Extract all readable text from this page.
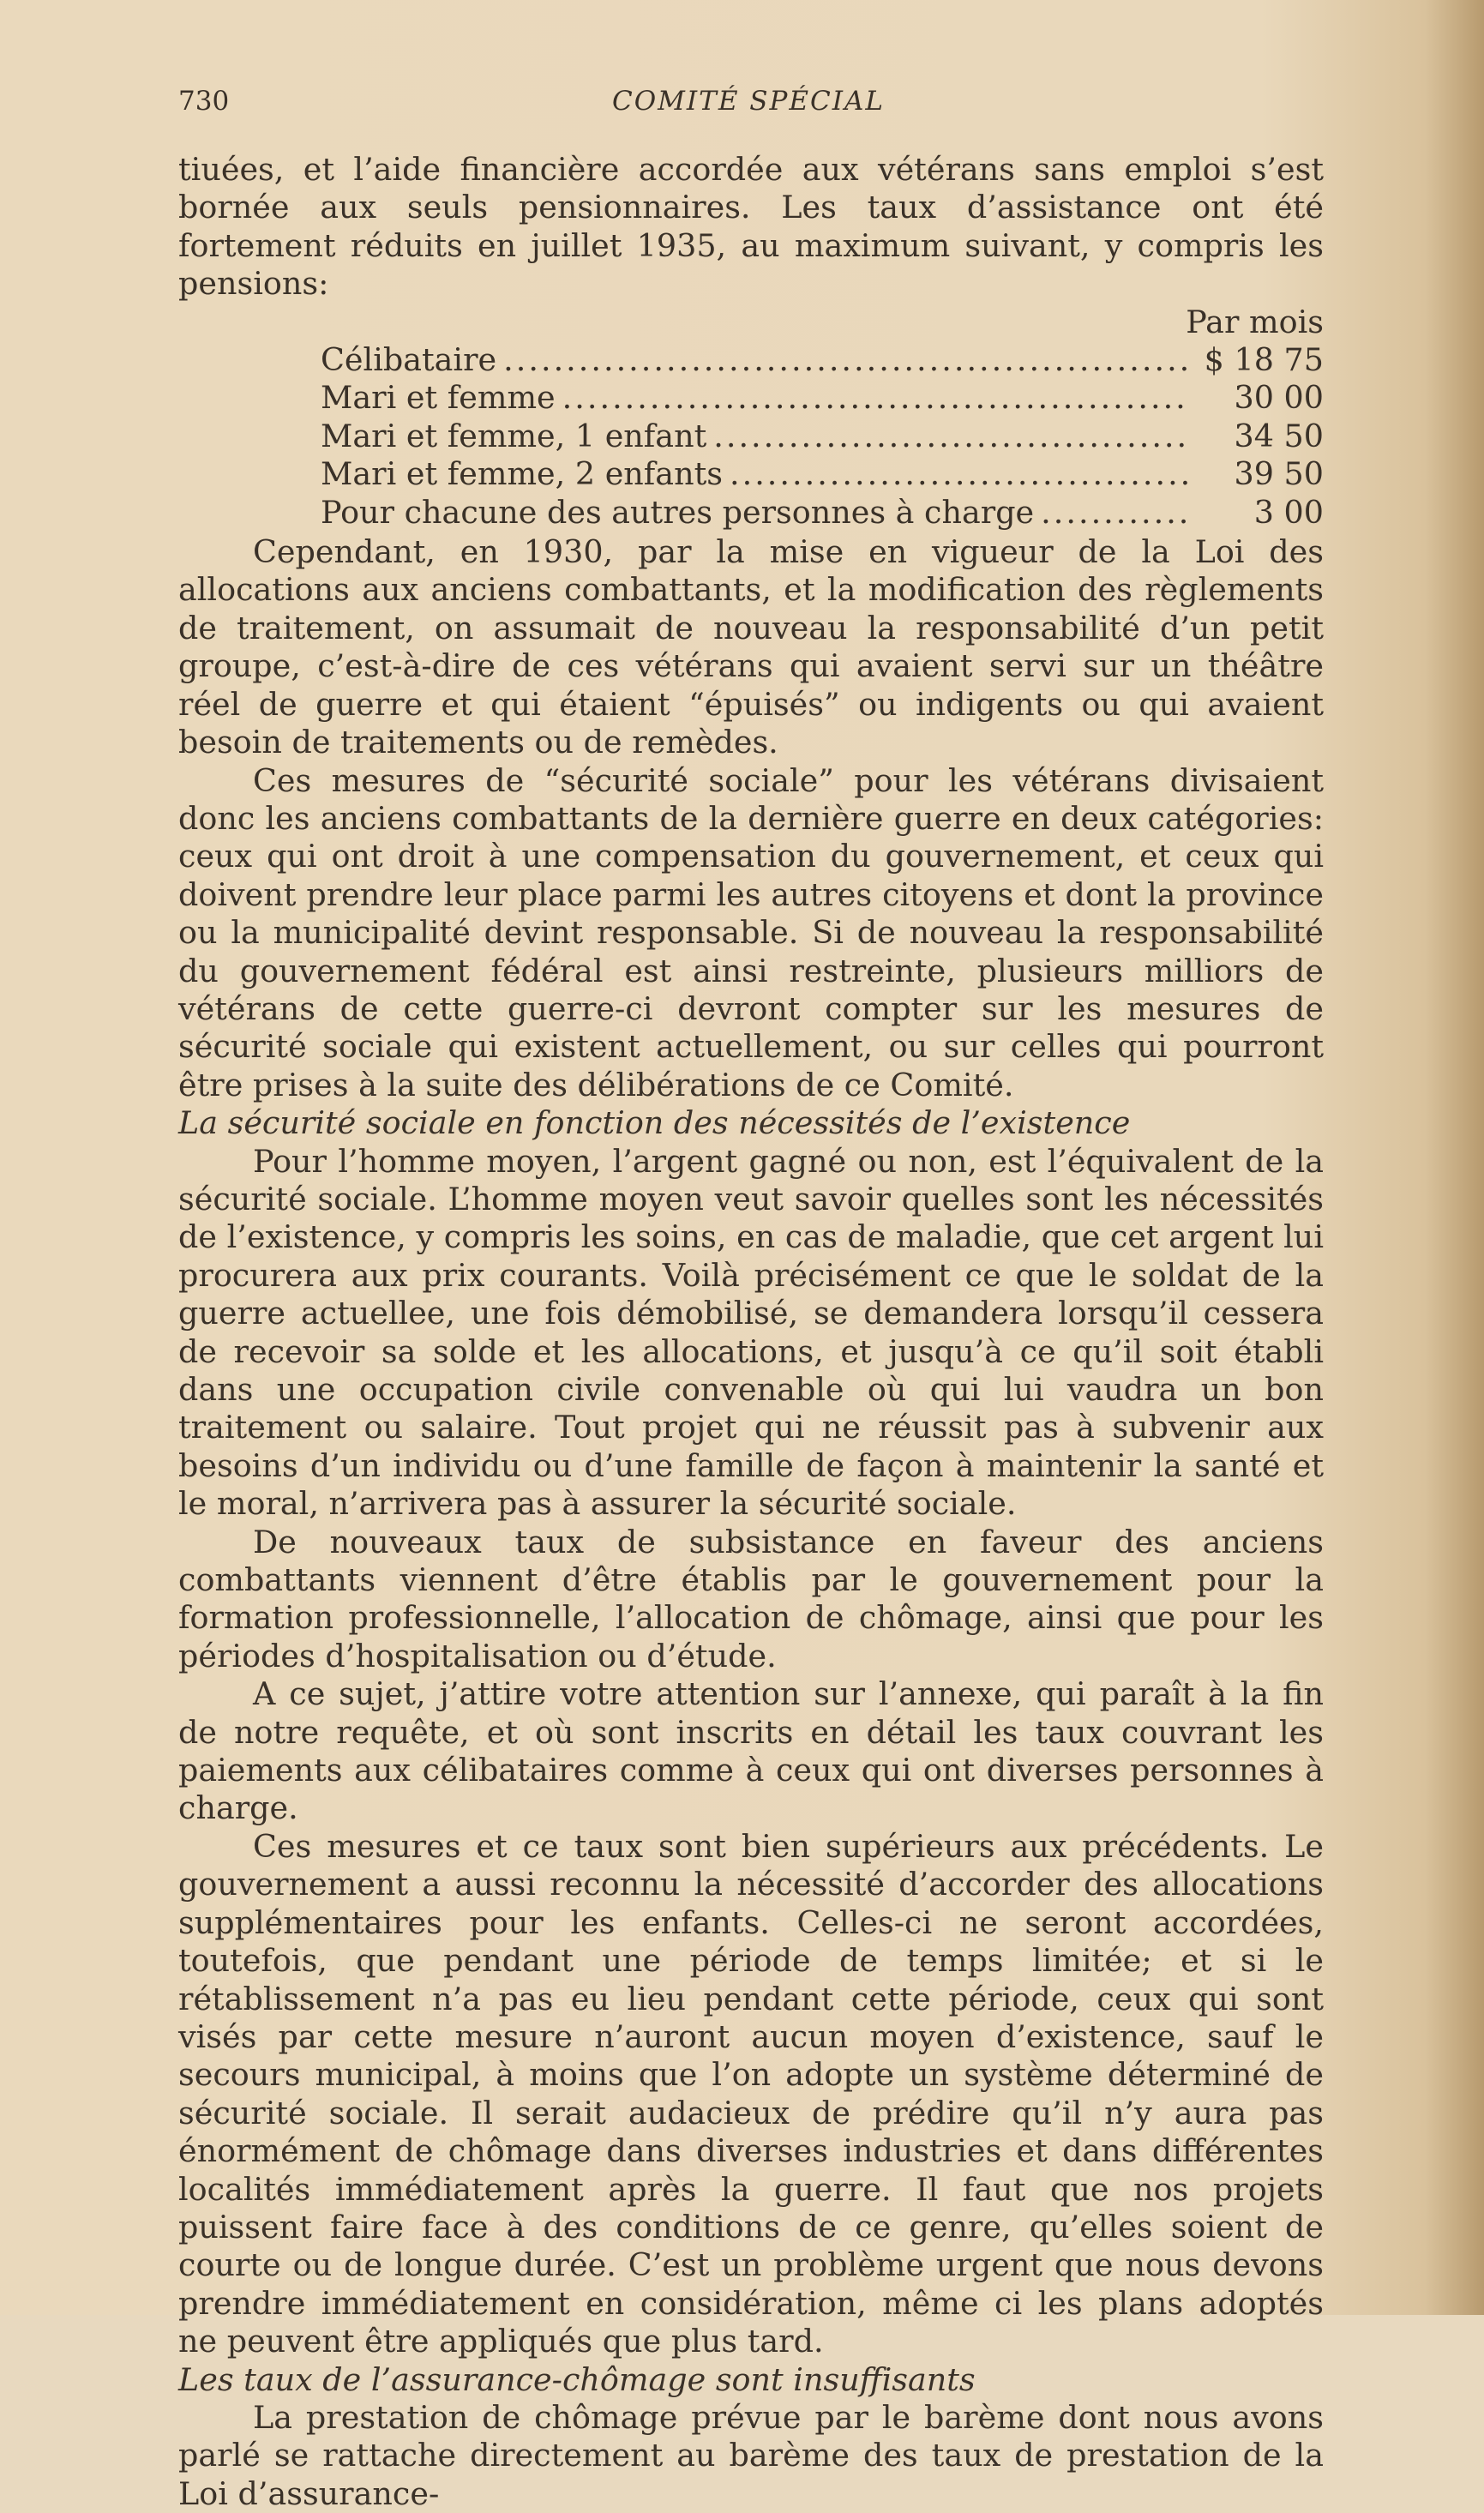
730	COMITÉ SPÉCIAL

tiuées, et l’aide financière accordée aux vétérans sans emploi s’est bornée aux seuls pensionnaires. Les taux d’assistance ont été fortement réduits en juillet 1935, au maximum suivant, y compris les pensions:

Par mois
Célibataire .....	$ 18 75
Mari et femme .....	30 00
Mari et femme, 1 enfant .....	34 50
Mari et femme, 2 enfants .....	39 50
Pour chacune des autres personnes à charge .....	3 00

Cependant, en 1930, par la mise en vigueur de la Loi des allocations aux anciens combattants, et la modification des règlements de traitement, on assumait de nouveau la responsabilité d’un petit groupe, c’est-à-dire de ces vétérans qui avaient servi sur un théâtre réel de guerre et qui étaient “épuisés” ou indigents ou qui avaient besoin de traitements ou de remèdes.

Ces mesures de “sécurité sociale” pour les vétérans divisaient donc les anciens combattants de la dernière guerre en deux catégories: ceux qui ont droit à une compensation du gouvernement, et ceux qui doivent prendre leur place parmi les autres citoyens et dont la province ou la municipalité devint responsable. Si de nouveau la responsabilité du gouvernement fédéral est ainsi restreinte, plusieurs milliors de vétérans de cette guerre-ci devront compter sur les mesures de sécurité sociale qui existent actuellement, ou sur celles qui pourront être prises à la suite des délibérations de ce Comité.

La sécurité sociale en fonction des nécessités de l’existence

Pour l’homme moyen, l’argent gagné ou non, est l’équivalent de la sécurité sociale. L’homme moyen veut savoir quelles sont les nécessités de l’existence, y compris les soins, en cas de maladie, que cet argent lui procurera aux prix courants. Voilà précisément ce que le soldat de la guerre actuellee, une fois démobilisé, se demandera lorsqu’il cessera de recevoir sa solde et les allocations, et jusqu’à ce qu’il soit établi dans une occupation civile convenable où qui lui vaudra un bon traitement ou salaire. Tout projet qui ne réussit pas à subvenir aux besoins d’un individu ou d’une famille de façon à maintenir la santé et le moral, n’arrivera pas à assurer la sécurité sociale.

De nouveaux taux de subsistance en faveur des anciens combattants viennent d’être établis par le gouvernement pour la formation professionnelle, l’allocation de chômage, ainsi que pour les périodes d’hospitalisation ou d’étude.

A ce sujet, j’attire votre attention sur l’annexe, qui paraît à la fin de notre requête, et où sont inscrits en détail les taux couvrant les paiements aux célibataires comme à ceux qui ont diverses personnes à charge.

Ces mesures et ce taux sont bien supérieurs aux précédents. Le gouvernement a aussi reconnu la nécessité d’accorder des allocations supplémentaires pour les enfants. Celles-ci ne seront accordées, toutefois, que pendant une période de temps limitée; et si le rétablissement n’a pas eu lieu pendant cette période, ceux qui sont visés par cette mesure n’auront aucun moyen d’existence, sauf le secours municipal, à moins que l’on adopte un système déterminé de sécurité sociale. Il serait audacieux de prédire qu’il n’y aura pas énormément de chômage dans diverses industries et dans différentes localités immédiatement après la guerre. Il faut que nos projets puissent faire face à des conditions de ce genre, qu’elles soient de courte ou de longue durée. C’est un problème urgent que nous devons prendre immédiatement en considération, même ci les plans adoptés ne peuvent être appliqués que plus tard.

Les taux de l’assurance-chômage sont insuffisants

La prestation de chômage prévue par le barème dont nous avons parlé se rattache directement au barème des taux de prestation de la Loi d’assurance-
